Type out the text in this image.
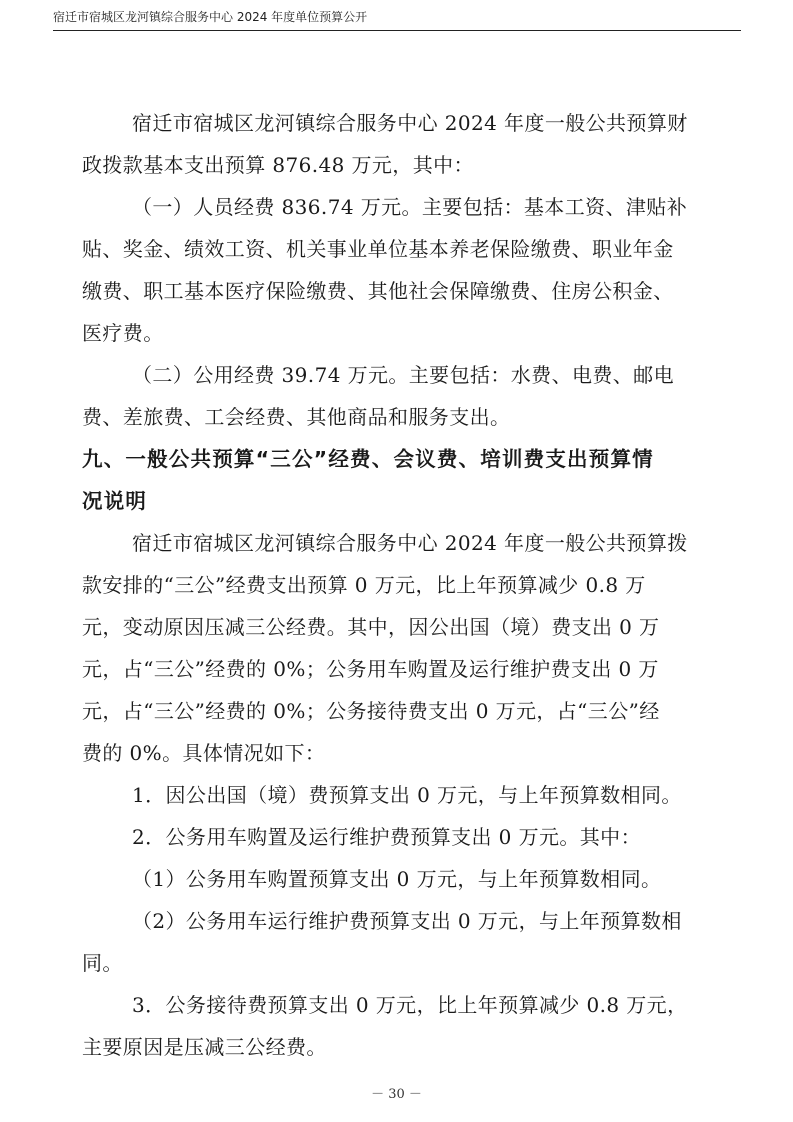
宿迁市宿城区龙河镇综合服务中心 2024 年度单位预算公开
宿迁市宿城区龙河镇综合服务中心 2024 年度一般公共预算财
政拨款基本支出预算 876.48 万元，其中：
（一）人员经费 836.74 万元。主要包括：基本工资、津贴补
贴、奖金、绩效工资、机关事业单位基本养老保险缴费、职业年金
缴费、职工基本医疗保险缴费、其他社会保障缴费、住房公积金、
医疗费。
（二）公用经费 39.74 万元。主要包括：水费、电费、邮电
费、差旅费、工会经费、其他商品和服务支出。
九、一般公共预算“三公”经费、会议费、培训费支出预算情
况说明
宿迁市宿城区龙河镇综合服务中心 2024 年度一般公共预算拨
款安排的“三公”经费支出预算 0 万元，比上年预算减少 0.8 万
元，变动原因压减三公经费。其中，因公出国（境）费支出 0 万
元，占“三公”经费的 0%；公务用车购置及运行维护费支出 0 万
元，占“三公”经费的 0%；公务接待费支出 0 万元，占“三公”经
费的 0%。具体情况如下：
1．因公出国（境）费预算支出 0 万元，与上年预算数相同。
2．公务用车购置及运行维护费预算支出 0 万元。其中：
（1）公务用车购置预算支出 0 万元，与上年预算数相同。
（2）公务用车运行维护费预算支出 0 万元，与上年预算数相
同。
3．公务接待费预算支出 0 万元，比上年预算减少 0.8 万元，
主要原因是压减三公经费。
－ 30 －
